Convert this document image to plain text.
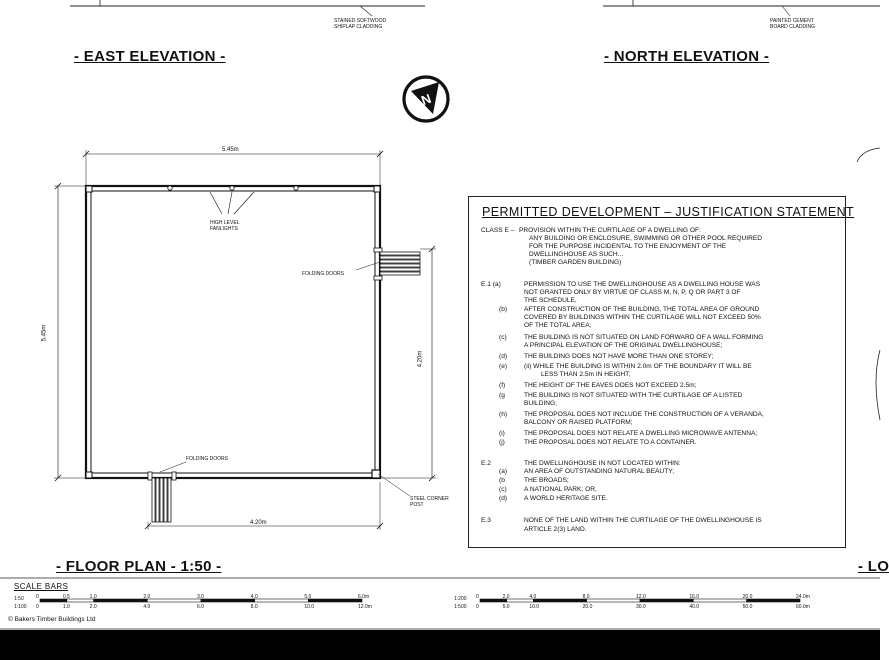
N
STAINED SOFTWOOD
SHIPLAP CLADDING
PAINTED CEMENT
BOARD CLADDING
- EAST ELEVATION -	- NORTH ELEVATION -
- FLOOR PLAN - 1:50 -	- LO
5.45m
5.45m
4.20m
4.20m
HIGH LEVEL
FANLIGHTS
FOLDING DOORS
FOLDING DOORS
STEEL CORNER
POST
PERMITTED DEVELOPMENT – JUSTIFICATION STATEMENT
CLASS E – PROVISION WITHIN THE CURTILAGE OF A DWELLING OF:
ANY BUILDING OR ENCLOSURE, SWIMMING OR OTHER POOL REQUIRED
FOR THE PURPOSE INCIDENTAL TO THE ENJOYMENT OF THE
DWELLINGHOUSE AS SUCH...
(TIMBER GARDEN BUILDING)
E.1 (a)	PERMISSION TO USE THE DWELLINGHOUSE AS A DWELLING HOUSE WAS
NOT GRANTED ONLY BY VIRTUE OF CLASS M, N, P, Q OR PART 3 OF
THE SCHEDULE,
(b)	AFTER CONSTRUCTION OF THE BUILDING, THE TOTAL AREA OF GROUND
COVERED BY BUILDINGS WITHIN THE CURTILAGE WILL NOT EXCEED 50%
OF THE TOTAL AREA;
(c)	THE BUILDING IS NOT SITUATED ON LAND FORWARD OF A WALL FORMING
A PRINCIPAL ELEVATION OF THE ORIGINAL DWELLINGHOUSE;
(d)	THE BUILDING DOES NOT HAVE MORE THAN ONE STOREY;
(e)	(ii) WHILE THE BUILDING IS WITHIN 2.0m OF THE BOUNDARY IT WILL BE
LESS THAN 2.5m IN HEIGHT;
(f)	THE HEIGHT OF THE EAVES DOES NOT EXCEED 2.5m;
(g	THE BUILDING IS NOT SITUATED WITH THE CURTILAGE OF A LISTED
BUILDING;
(h)	THE PROPOSAL DOES NOT INCLUDE THE CONSTRUCTION OF A VERANDA,
BALCONY OR RAISED PLATFORM;
(i)	THE PROPOSAL DOES NOT RELATE A DWELLING MICROWAVE ANTENNA;
(j)	THE PROPOSAL DOES NOT RELATE TO A CONTAINER.
E.2	THE DWELLINGHOUSE IN NOT LOCATED WITHIN:
(a)	AN AREA OF OUTSTANDING NATURAL BEAUTY;
(b	THE BROADS;
(c)	A NATIONAL PARK; OR,
(d)	A WORLD HERITAGE SITE.
E.3	NONE OF THE LAND WITHIN THE CURTILAGE OF THE DWELLINGHOUSE IS
ARTICLE 2(3) LAND.
SCALE BARS
1:50
1:100
1:200
1:500
0	0.5	1.0	2.0	3.0	4.0	5.0	6.0m
0	1.0	2.0	4.0	6.0	8.0	10.0	12.0m
0	2.0	4.0	8.0	12.0	16.0	20.0	24.0m
0	5.0	10.0	20.0	30.0	40.0	50.0	60.0m
© Bakers Timber Buildings Ltd
